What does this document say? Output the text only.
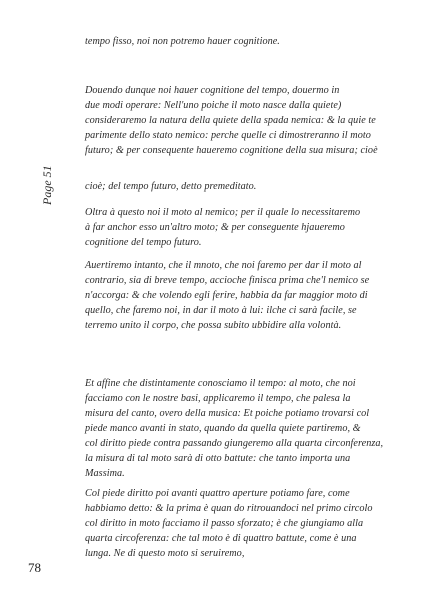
Page 51
tempo fisso, noi non potremo hauer cognitione.
Douendo dunque noi hauer cognitione del tempo, douermo in
due modi operare: Nell'uno poiche il moto nasce dalla quiete)
consideraremo la natura della quiete della spada nemica: & la quie te
parimente dello stato nemico: perche quelle ci dimostreranno il moto
futuro; & per consequente haueremo cognitione della sua misura; cioè
cioè; del tempo futuro, detto premeditato.
Oltra à questo noi il moto al nemico; per il quale lo necessitaremo
à far anchor esso un'altro moto; & per conseguente hjaueremo
cognitione del tempo futuro.
Auertiremo intanto, che il mnoto, che noi faremo per dar il moto al
contrario, sia di breve tempo, accioche finisca prima che'l nemico se
n'accorga: & che volendo egli ferire, habbia da far maggior moto di
quello, che faremo noi, in dar il moto à lui: ilche ci sarà facile, se
terremo unito il corpo, che possa subito ubbidire alla volontà.
Et affine che distintamente conosciamo il tempo: al moto, che noi
facciamo con le nostre basi, applicaremo il tempo, che palesa la
misura del canto, overo della musica: Et poiche potiamo trovarsi col
piede manco avanti in stato, quando da quella quiete partiremo, &
col diritto piede contra passando giungeremo alla quarta circonferenza,
la misura di tal moto sarà di otto battute: che tanto importa una
Massima.
Col piede diritto poi avanti quattro aperture potiamo fare, come
habbiamo detto: & la prima è quan do ritrouandoci nel primo circolo
col diritto in moto facciamo il passo sforzato; è che giungiamo alla
quarta circoferenza: che tal moto è di quattro battute, come è una
lunga. Ne di questo moto si seruiremo,
78
